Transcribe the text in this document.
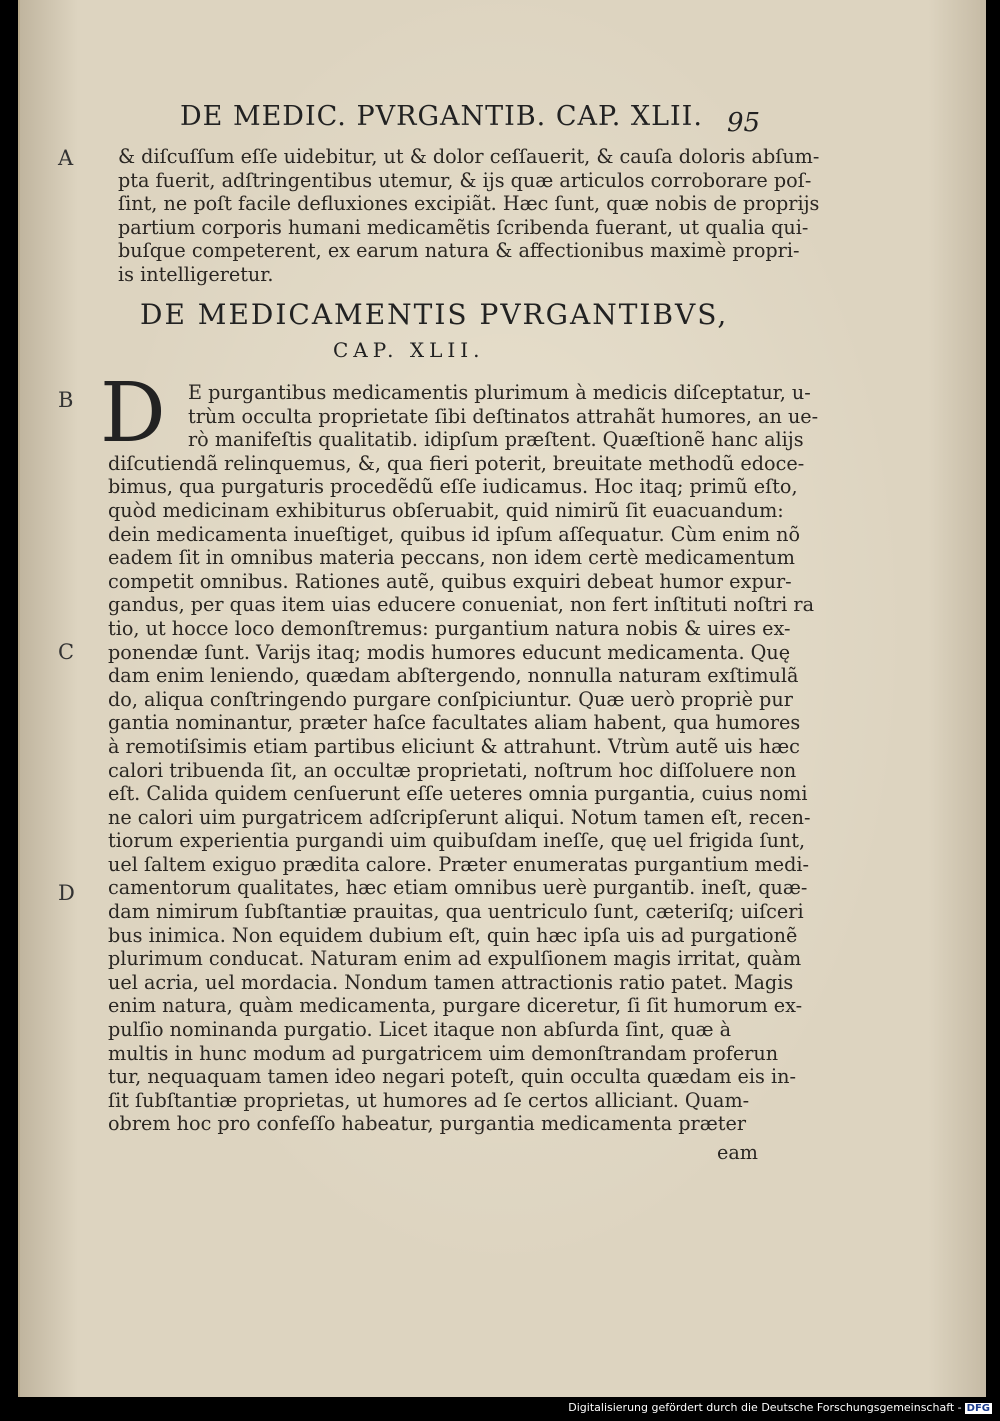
DE MEDIC. PVRGANTIB. CAP. XLII. 95
A & diſcuſſum eſſe uidebitur, ut & dolor ceſſauerit, & cauſa doloris abſum-
pta fuerit, adſtringentibus utemur, & ijs quæ articulos corroborare poſ-
ſint, ne poſt facile defluxiones excipiãt. Hæc ſunt, quæ nobis de proprijs
partium corporis humani medicamẽtis ſcribenda fuerant, ut qualia qui-
buſque competerent, ex earum natura & affectionibus maximè propri-
is intelligeretur.
DE MEDICAMENTIS PVRGANTIBVS,
CAP. XLII.
B D	E purgantibus medicamentis plurimum à medicis diſceptatur, u-
trùm occulta proprietate ſibi deſtinatos attrahãt humores, an ue-
rò manifeſtis qualitatib. idipſum præſtent. Quæſtionẽ hanc alijs
diſcutiendã relinquemus, &, qua fieri poterit, breuitate methodũ edoce-
bimus, qua purgaturis procedẽdũ eſſe iudicamus. Hoc itaq; primũ eſto,
quòd medicinam exhibiturus obſeruabit, quid nimirũ ſit euacuandum:
dein medicamenta inueſtiget, quibus id ipſum aſſequatur. Cùm enim nõ
eadem ſit in omnibus materia peccans, non idem certè medicamentum
competit omnibus. Rationes autẽ, quibus exquiri debeat humor expur-
gandus, per quas item uias educere conueniat, non fert inſtituti noſtri ra
tio, ut hocce loco demonſtremus: purgantium natura nobis & uires ex-
ponendæ ſunt. Varijs itaq; modis humores educunt medicamenta. Quę
dam enim leniendo, quædam abſtergendo, nonnulla naturam exſtimulã
do, aliqua conſtringendo purgare conſpiciuntur. Quæ uerò propriè pur
gantia nominantur, præter haſce facultates aliam habent, qua humores
à remotiſsimis etiam partibus eliciunt & attrahunt. Vtrùm autẽ uis hæc
calori tribuenda ſit, an occultæ proprietati, noſtrum hoc diſſoluere non
eſt. Calida quidem cenſuerunt eſſe ueteres omnia purgantia, cuius nomi
ne calori uim purgatricem adſcripſerunt aliqui. Notum tamen eſt, recen-
tiorum experientia purgandi uim quibuſdam ineſſe, quę uel frigida ſunt,
uel ſaltem exiguo prædita calore. Præter enumeratas purgantium medi-
camentorum qualitates, hæc etiam omnibus uerè purgantib. ineſt, quæ-
dam nimirum ſubſtantiæ prauitas, qua uentriculo ſunt, cæteriſq; uiſceri
bus inimica. Non equidem dubium eſt, quin hæc ipſa uis ad purgationẽ
plurimum conducat. Naturam enim ad expulſionem magis irritat, quàm
uel acria, uel mordacia. Nondum tamen attractionis ratio patet. Magis
enim natura, quàm medicamenta, purgare diceretur, ſi ſit humorum ex-
pulſio nominanda purgatio. Licet itaque non abſurda ſint, quæ à
multis in hunc modum ad purgatricem uim demonſtrandam proferun
tur, nequaquam tamen ideo negari poteſt, quin occulta quædam eis in-
ſit ſubſtantiæ proprietas, ut humores ad ſe certos alliciant. Quam-
obrem hoc pro confeſſo habeatur, purgantia medicamenta præter
C
D
eam
Digitalisierung gefördert durch die Deutsche Forschungsgemeinschaft - DFG
